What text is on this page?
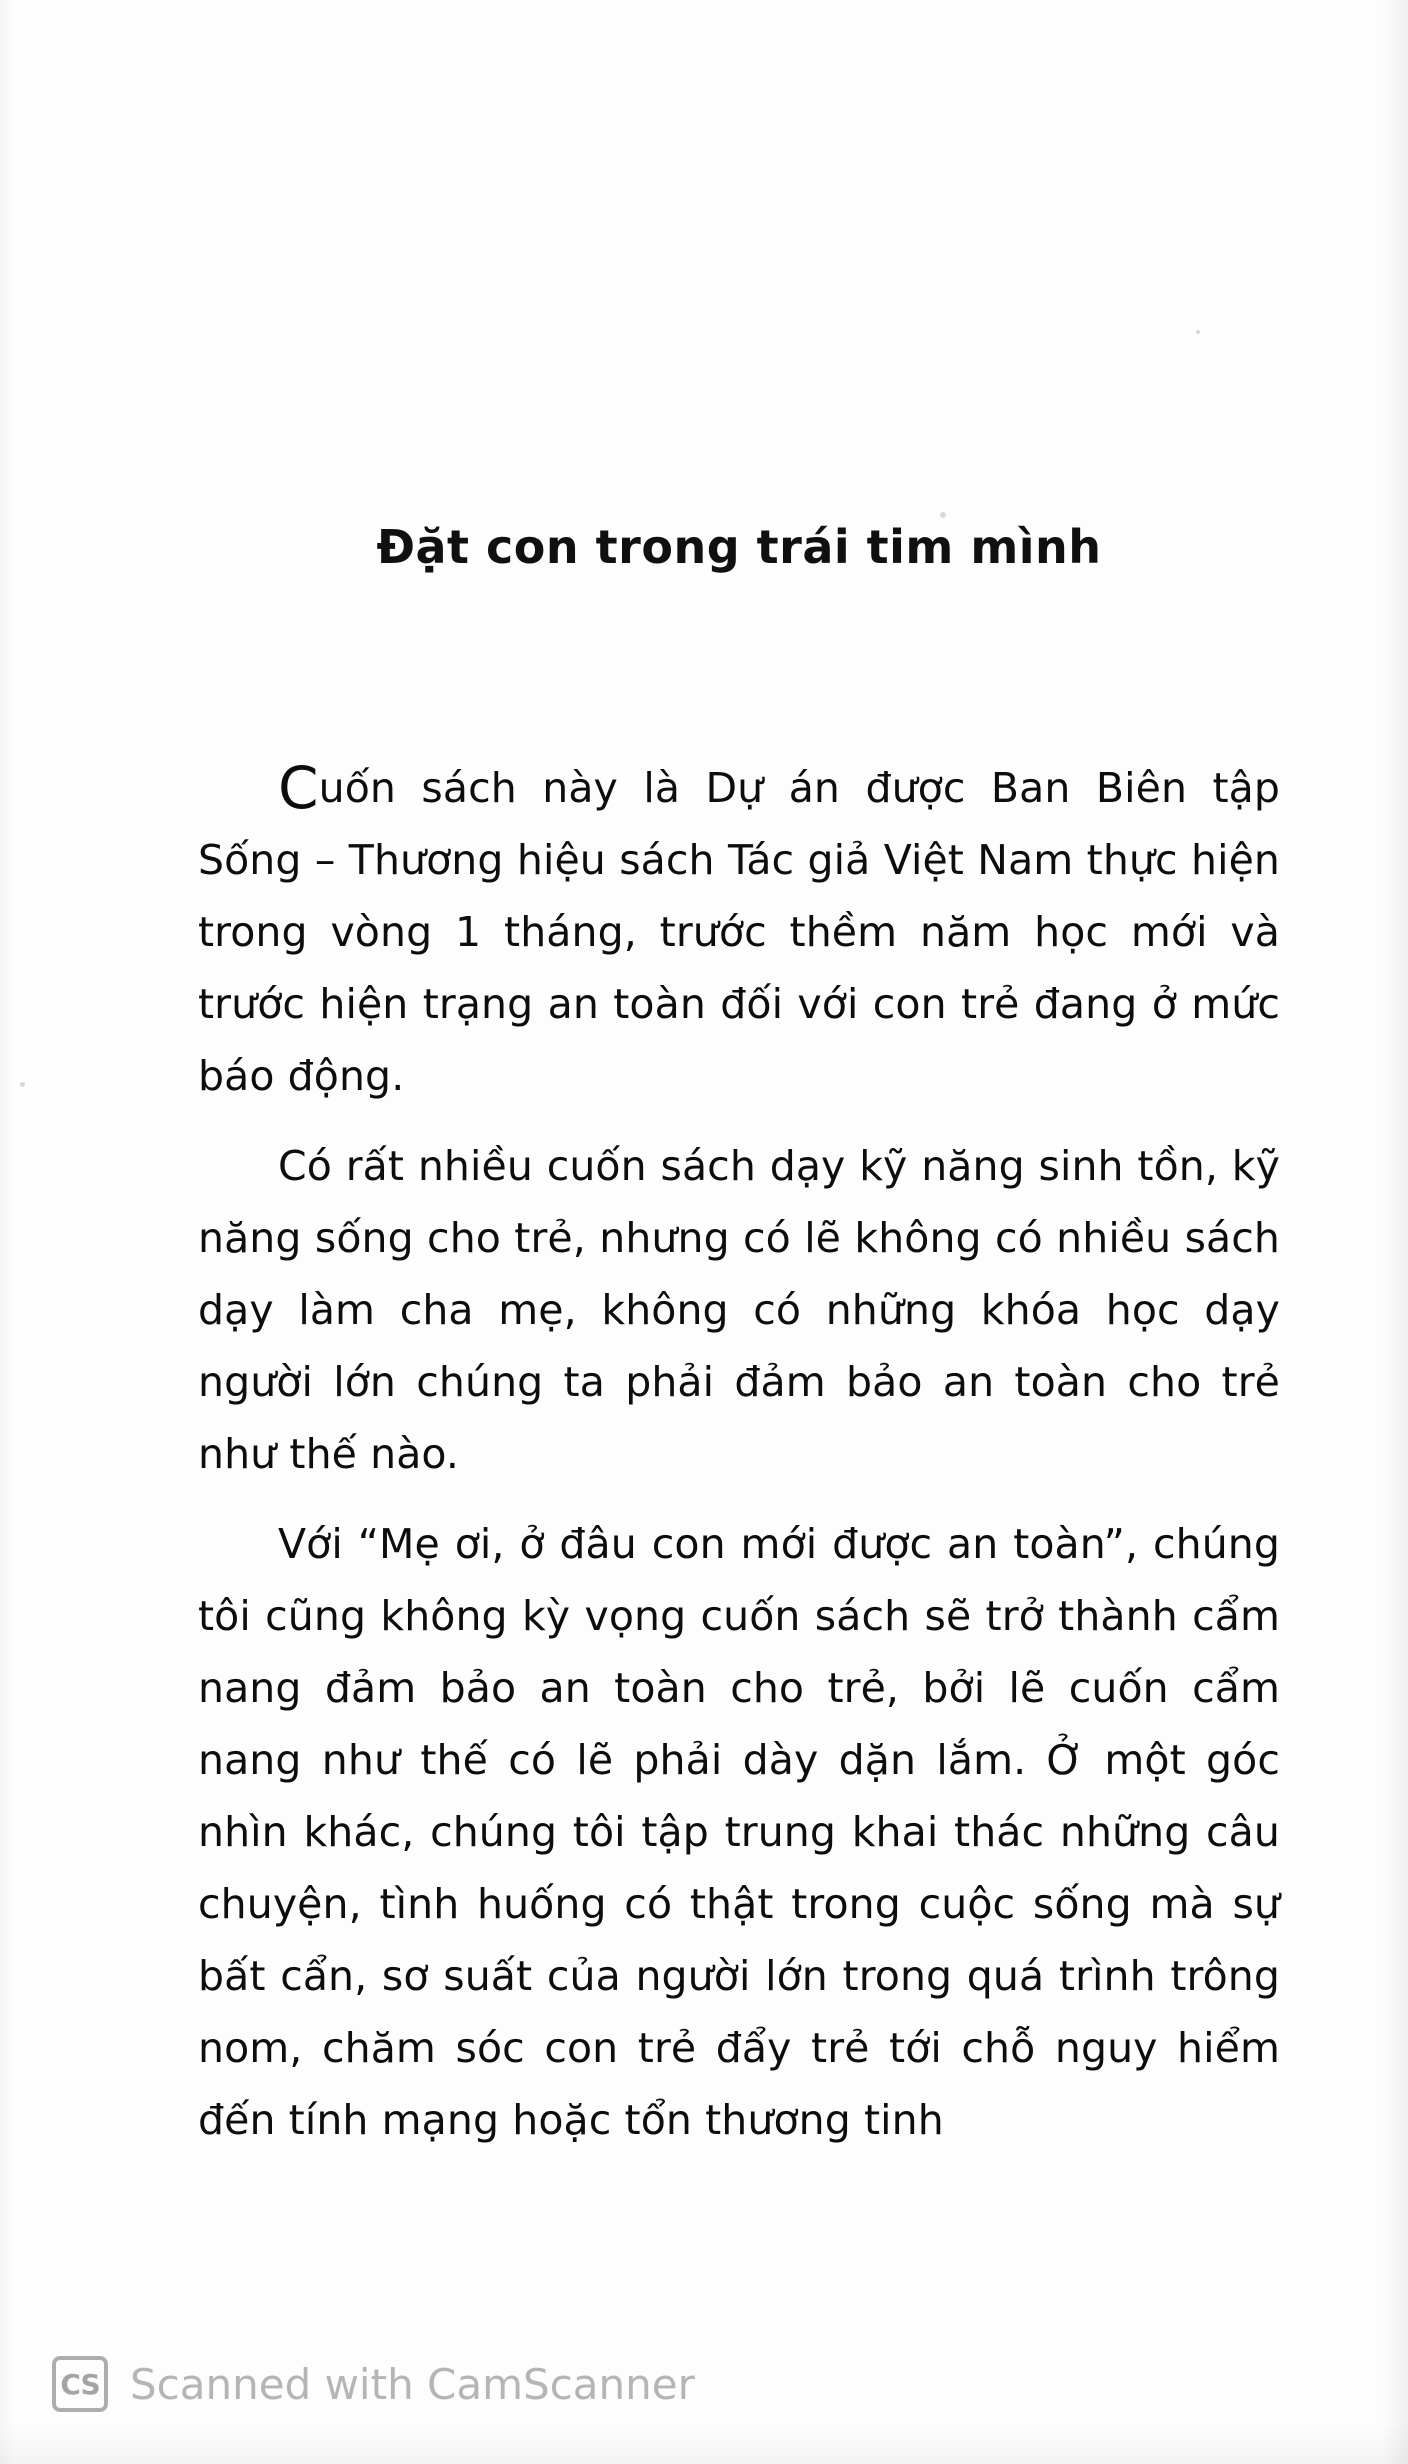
Đặt con trong trái tim mình

Cuốn sách này là Dự án được Ban Biên tập Sống – Thương hiệu sách Tác giả Việt Nam thực hiện trong vòng 1 tháng, trước thềm năm học mới và trước hiện trạng an toàn đối với con trẻ đang ở mức báo động.

Có rất nhiều cuốn sách dạy kỹ năng sinh tồn, kỹ năng sống cho trẻ, nhưng có lẽ không có nhiều sách dạy làm cha mẹ, không có những khóa học dạy người lớn chúng ta phải đảm bảo an toàn cho trẻ như thế nào.

Với “Mẹ ơi, ở đâu con mới được an toàn”, chúng tôi cũng không kỳ vọng cuốn sách sẽ trở thành cẩm nang đảm bảo an toàn cho trẻ, bởi lẽ cuốn cẩm nang như thế có lẽ phải dày dặn lắm. Ở một góc nhìn khác, chúng tôi tập trung khai thác những câu chuyện, tình huống có thật trong cuộc sống mà sự bất cẩn, sơ suất của người lớn trong quá trình trông nom, chăm sóc con trẻ đẩy trẻ tới chỗ nguy hiểm đến tính mạng hoặc tổn thương tinh

CS Scanned with CamScanner
